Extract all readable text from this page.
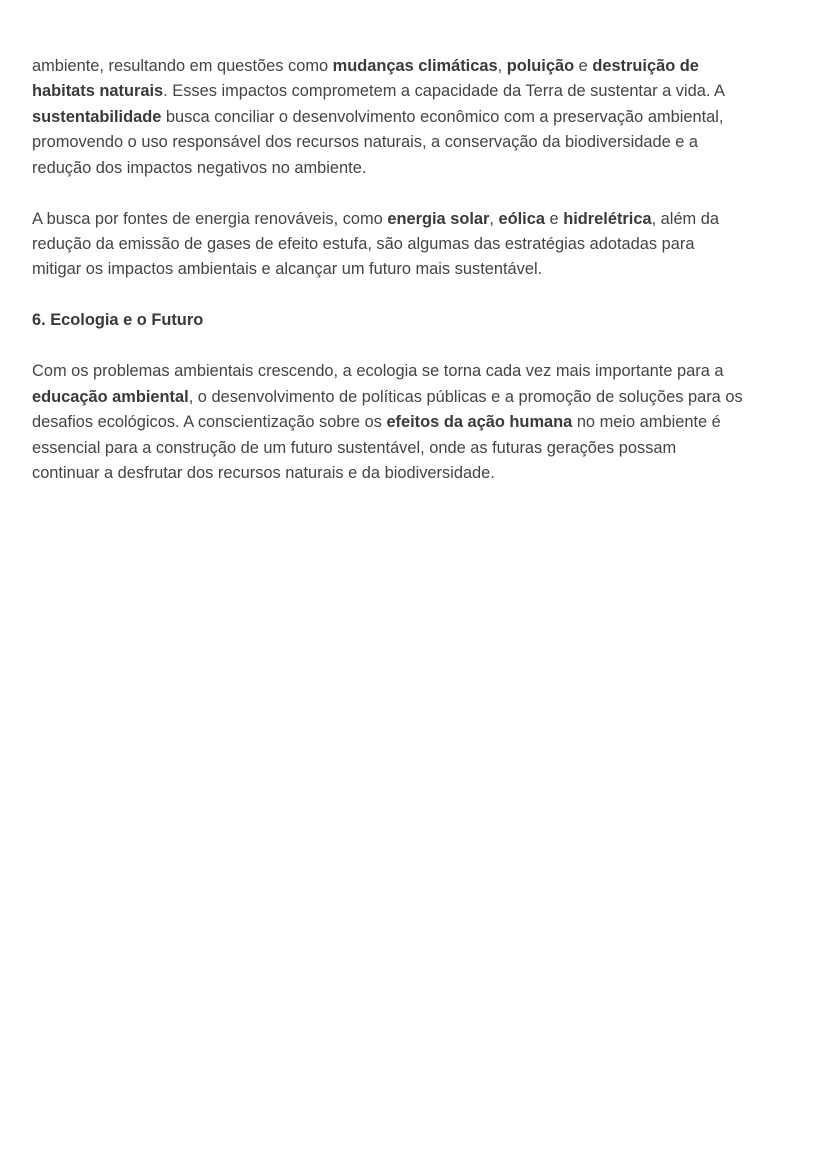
ambiente, resultando em questões como mudanças climáticas, poluição e destruição de
habitats naturais. Esses impactos comprometem a capacidade da Terra de sustentar a vida. A
sustentabilidade busca conciliar o desenvolvimento econômico com a preservação ambiental,
promovendo o uso responsável dos recursos naturais, a conservação da biodiversidade e a
redução dos impactos negativos no ambiente.
A busca por fontes de energia renováveis, como energia solar, eólica e hidrelétrica, além da
redução da emissão de gases de efeito estufa, são algumas das estratégias adotadas para
mitigar os impactos ambientais e alcançar um futuro mais sustentável.
6. Ecologia e o Futuro
Com os problemas ambientais crescendo, a ecologia se torna cada vez mais importante para a
educação ambiental, o desenvolvimento de políticas públicas e a promoção de soluções para os
desafios ecológicos. A conscientização sobre os efeitos da ação humana no meio ambiente é
essencial para a construção de um futuro sustentável, onde as futuras gerações possam
continuar a desfrutar dos recursos naturais e da biodiversidade.
